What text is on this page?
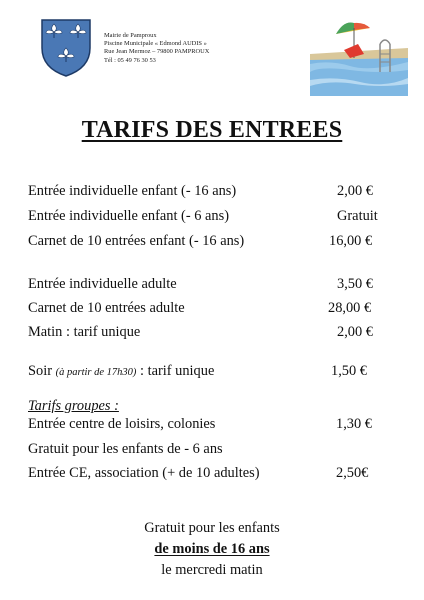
Mairie de Pamproux
Piscine Municipale « Edmond AUDIS »
Rue Jean Mermoz – 79800 PAMPROUX
Tél : 05 49 76 30 53
TARIFS DES ENTREES
Entrée individuelle enfant (- 16 ans)	2,00 €
Entrée individuelle enfant (- 6 ans)	Gratuit
Carnet de 10 entrées enfant (- 16 ans)	16,00 €
Entrée individuelle adulte	3,50 €
Carnet de 10 entrées adulte	28,00 €
Matin : tarif unique	2,00 €
Soir (à partir de 17h30) : tarif unique	1,50 €
Tarifs groupes :
Entrée centre de loisirs, colonies	1,30 €
Gratuit pour les enfants de - 6 ans
Entrée CE, association (+ de 10 adultes)	2,50€
Gratuit pour les enfants
de moins de 16 ans
le mercredi matin
